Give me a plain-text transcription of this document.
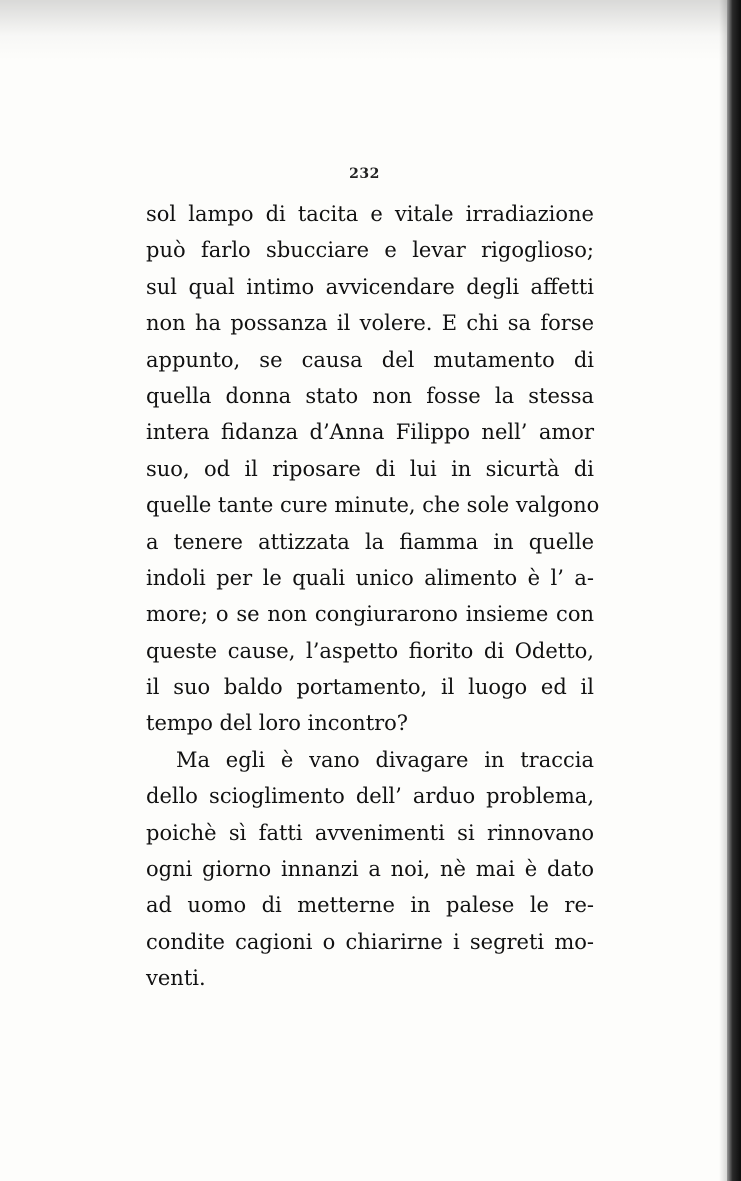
232

sol lampo di tacita e vitale irradiazione
può farlo sbucciare e levar rigoglioso;
sul qual intimo avvicendare degli affetti
non ha possanza il volere. E chi sa forse
appunto, se causa del mutamento di
quella donna stato non fosse la stessa
intera fidanza d’Anna Filippo nell’ amor
suo, od il riposare di lui in sicurtà di
quelle tante cure minute, che sole valgono
a tenere attizzata la fiamma in quelle
indoli per le quali unico alimento è l’ a-
more; o se non congiurarono insieme con
queste cause, l’aspetto fiorito di Odetto,
il suo baldo portamento, il luogo ed il
tempo del loro incontro?
Ma egli è vano divagare in traccia
dello scioglimento dell’ arduo problema,
poichè sì fatti avvenimenti si rinnovano
ogni giorno innanzi a noi, nè mai è dato
ad uomo di metterne in palese le re-
condite cagioni o chiarirne i segreti mo-
venti.
